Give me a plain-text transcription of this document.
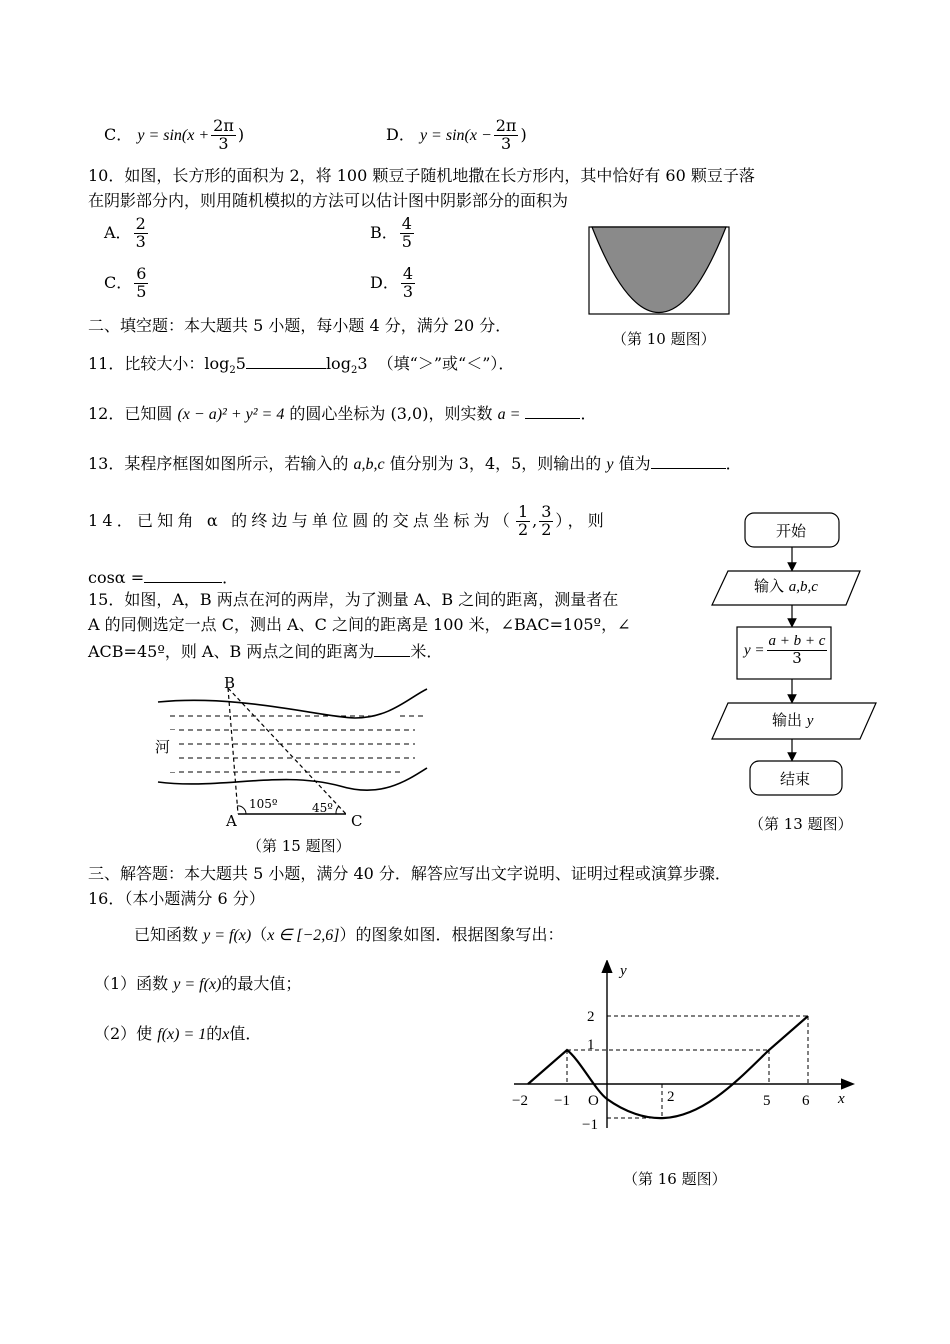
C． $y = \sin(x + \frac{2\pi}{3}$ )	D． $y = \sin(x - \frac{2\pi}{3}$ )
10．如图，长方形的面积为 2，将 100 颗豆子随机地撒在长方形内，其中恰好有 60 颗豆子落
在阴影部分内，则用随机模拟的方法可以估计图中阴影部分的面积为
A． $\frac{2}{3}$	B． $\frac{4}{5}$
C． $\frac{6}{5}$	D． $\frac{4}{3}$
（第 10 题图）
二、填空题：本大题共 5 小题，每小题 4 分，满分 20 分．
11．比较大小：$\log_25$	$\log_23$ （填“＞”或“＜”）．
12．已知圆 (x − a)² + y² = 4 的圆心坐标为 (3,0)，则实数 a =	．
13．某程序框图如图所示，若输入的 a,b,c 值分别为 3，4，5，则输出的 y 值为	．
14．已知角 α 的终边与单位圆的交点坐标为（ $\frac{1}{2}$ , $\frac{3}{2}$ ），则
cosα =	．
15．如图，A，B 两点在河的两岸，为了测量 A、B 之间的距离，测量者在
A 的同侧选定一点 C，测出 A、C 之间的距离是 100 米，∠BAC=105º，∠
ACB=45º，则 A、B 两点之间的距离为 米．
B
A	C
河
105º	45º
（第 15 题图）
开始
输入 a,b,c
$y = \frac{a + b + c}{3}$
输出 y
结束
（第 13 题图）
三、解答题：本大题共 5 小题，满分 40 分．解答应写出文字说明、证明过程或演算步骤．
16．（本小题满分 6 分）
已知函数 y = f(x)（x ∈ [−2,6]）的图象如图．根据图象写出：
（1）函数 y = f(x)的最大值；
（2）使 f(x) = 1的x值．
y
x
O
−2 −1	2	5 6
2
1
−1
（第 16 题图）
